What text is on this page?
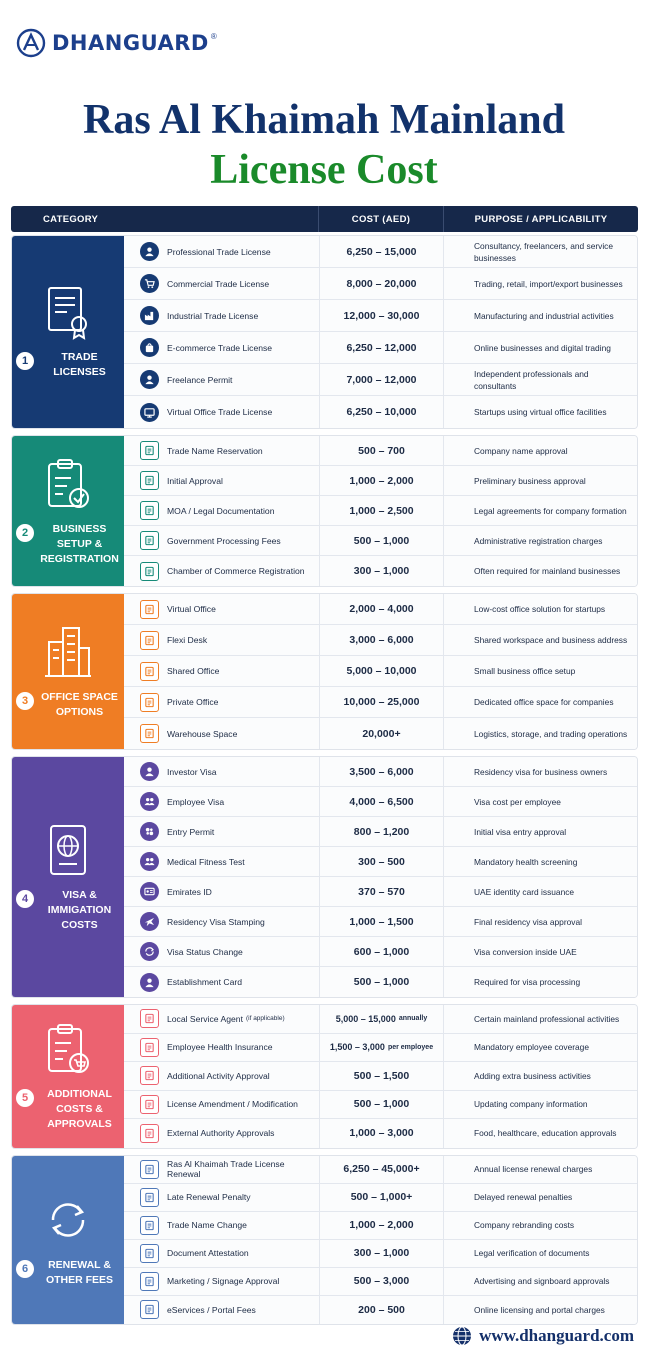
DHANGUARD ®
Ras Al Khaimah Mainland
License Cost
CATEGORY	COST (AED)	PURPOSE / APPLICABILITY
1	TRADE LICENSES
Professional Trade License	6,250 – 15,000	Consultancy, freelancers, and service businesses
Commercial Trade License	8,000 – 20,000	Trading, retail, import/export businesses
Industrial Trade License	12,000 – 30,000	Manufacturing and industrial activities
E-commerce Trade License	6,250 – 12,000	Online businesses and digital trading
Freelance Permit	7,000 – 12,000	Independent professionals and consultants
Virtual Office Trade License	6,250 – 10,000	Startups using virtual office facilities
2	BUSINESS SETUP & REGISTRATION
Trade Name Reservation	500 – 700	Company name approval
Initial Approval	1,000 – 2,000	Preliminary business approval
MOA / Legal Documentation	1,000 – 2,500	Legal agreements for company formation
Government Processing Fees	500 – 1,000	Administrative registration charges
Chamber of Commerce Registration	300 – 1,000	Often required for mainland businesses
3	OFFICE SPACE OPTIONS
Virtual Office	2,000 – 4,000	Low-cost office solution for startups
Flexi Desk	3,000 – 6,000	Shared workspace and business address
Shared Office	5,000 – 10,000	Small business office setup
Private Office	10,000 – 25,000	Dedicated office space for companies
Warehouse Space	20,000+	Logistics, storage, and trading operations
4	VISA & IMMIGATION COSTS
Investor Visa	3,500 – 6,000	Residency visa for business owners
Employee Visa	4,000 – 6,500	Visa cost per employee
Entry Permit	800 – 1,200	Initial visa entry approval
Medical Fitness Test	300 – 500	Mandatory health screening
Emirates ID	370 – 570	UAE identity card issuance
Residency Visa Stamping	1,000 – 1,500	Final residency visa approval
Visa Status Change	600 – 1,000	Visa conversion inside UAE
Establishment Card	500 – 1,000	Required for visa processing
5	ADDITIONAL COSTS & APPROVALS
Local Service Agent (if applicable)	5,000 – 15,000 annually	Certain mainland professional activities
Employee Health Insurance	1,500 – 3,000 per employee	Mandatory employee coverage
Additional Activity Approval	500 – 1,500	Adding extra business activities
License Amendment / Modification	500 – 1,000	Updating company information
External Authority Approvals	1,000 – 3,000	Food, healthcare, education approvals
6	RENEWAL & OTHER FEES
Ras Al Khaimah Trade License Renewal	6,250 – 45,000+	Annual license renewal charges
Late Renewal Penalty	500 – 1,000+	Delayed renewal penalties
Trade Name Change	1,000 – 2,000	Company rebranding costs
Document Attestation	300 – 1,000	Legal verification of documents
Marketing / Signage Approval	500 – 3,000	Advertising and signboard approvals
eServices / Portal Fees	200 – 500	Online licensing and portal charges
www.dhanguard.com
